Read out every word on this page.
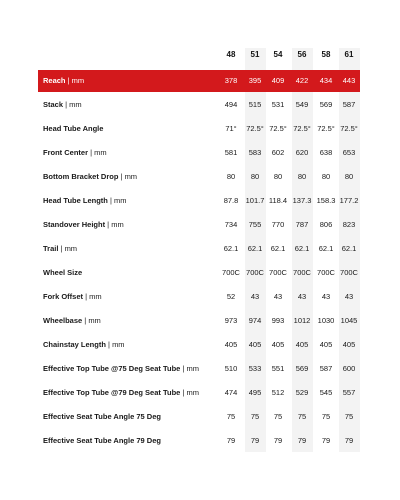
48	51	54	56	58	61
Reach | mm	378	395	409	422	434	443
Stack | mm	494	515	531	549	569	587
Head Tube Angle	71°	72.5° 72.5° 72.5° 72.5° 72.5°
Front Center | mm	581	583	602	620	638	653
Bottom Bracket Drop | mm	80	80	80	80	80	80
Head Tube Length | mm	87.8 101.7 118.4 137.3 158.3 177.2
Standover Height | mm	734	755	770	787	806	823
Trail | mm	62.1	62.1	62.1	62.1	62.1	62.1
Wheel Size	700C 700C 700C 700C 700C 700C
Fork Offset | mm	52	43	43	43	43	43
Wheelbase | mm	973	974	993	1012 1030 1045
Chainstay Length | mm	405	405	405	405	405	405
Effective Top Tube @75 Deg Seat Tube | mm	510	533	551	569	587	600
Effective Top Tube @79 Deg Seat Tube | mm	474	495	512	529	545	557
Effective Seat Tube Angle 75 Deg	75	75	75	75	75	75
Effective Seat Tube Angle 79 Deg	79	79	79	79	79	79
